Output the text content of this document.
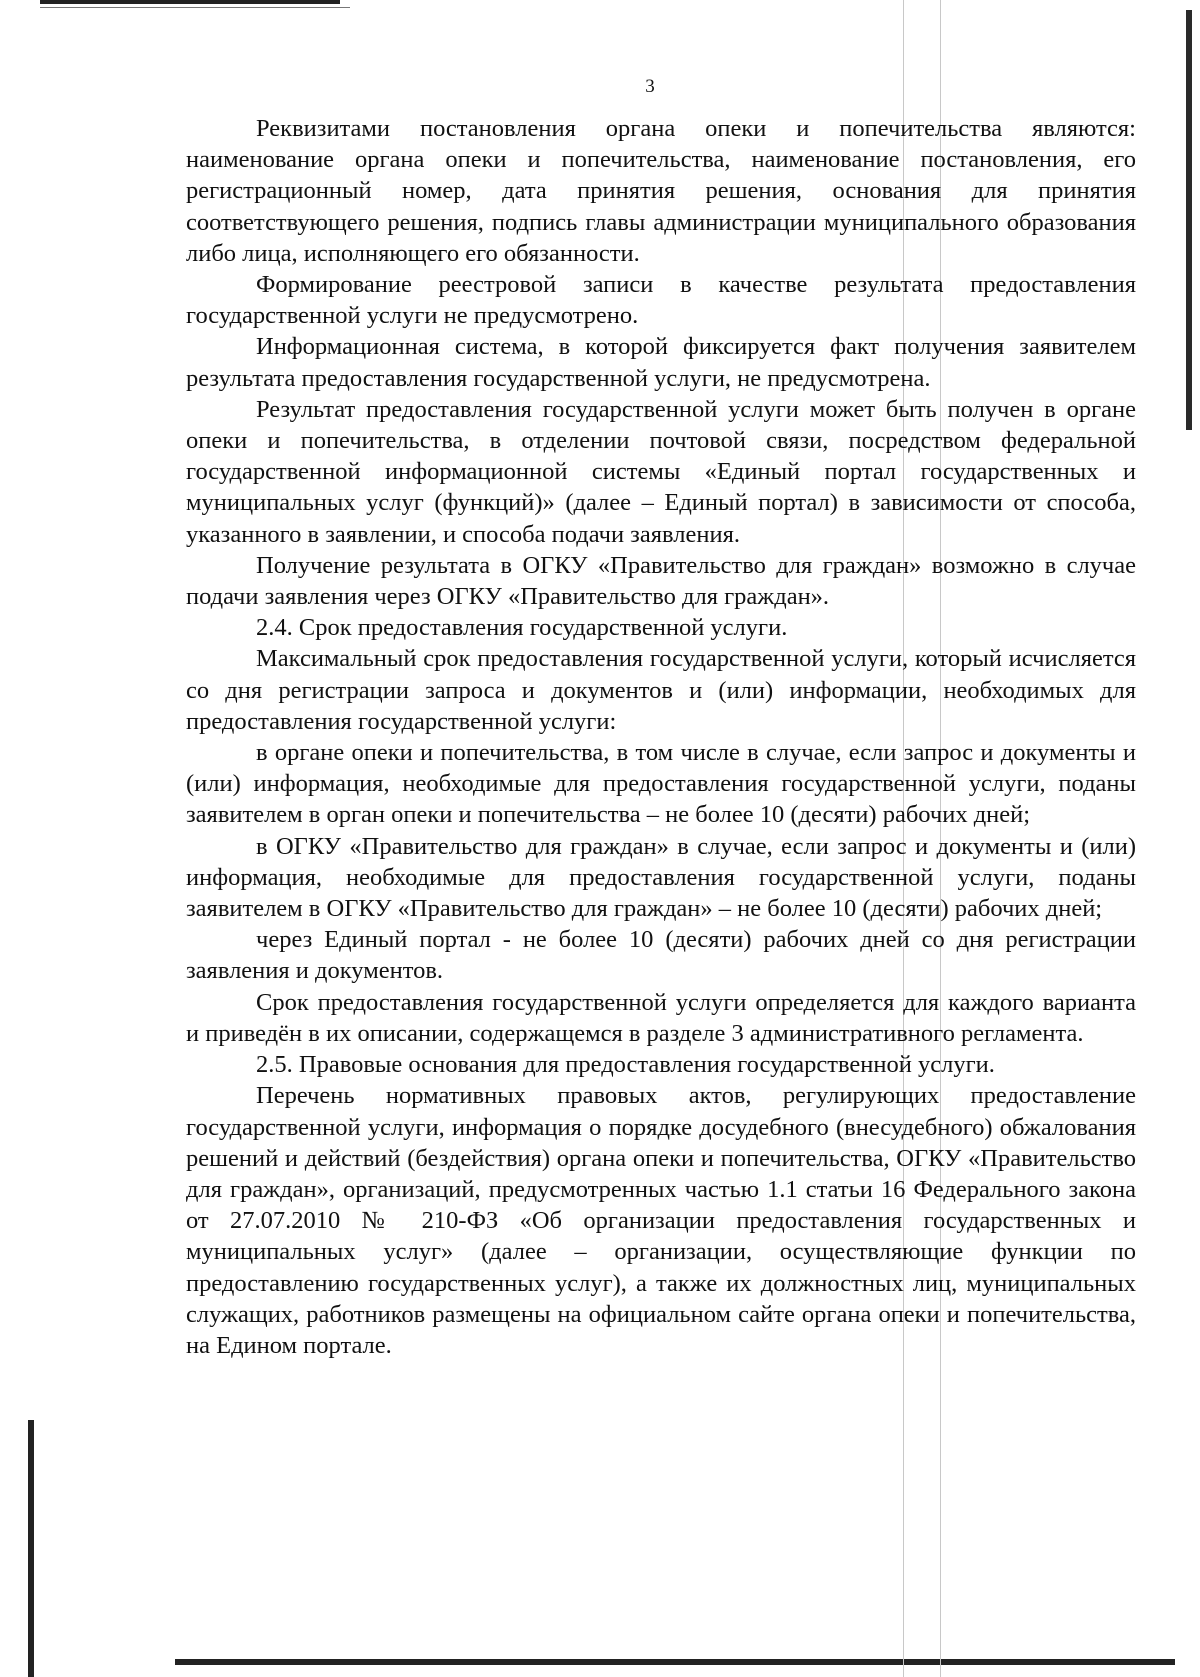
3

Реквизитами постановления органа опеки и попечительства являются: наименование органа опеки и попечительства, наименование постановления, его регистрационный номер, дата принятия решения, основания для принятия соответствующего решения, подпись главы администрации муниципального образования либо лица, исполняющего его обязанности.

Формирование реестровой записи в качестве результата предоставления государственной услуги не предусмотрено.

Информационная система, в которой фиксируется факт получения заявителем результата предоставления государственной услуги, не предусмотрена.

Результат предоставления государственной услуги может быть получен в органе опеки и попечительства, в отделении почтовой связи, посредством федеральной государственной информационной системы «Единый портал государственных и муниципальных услуг (функций)» (далее – Единый портал) в зависимости от способа, указанного в заявлении, и способа подачи заявления.

Получение результата в ОГКУ «Правительство для граждан» возможно в случае подачи заявления через ОГКУ «Правительство для граждан».

2.4. Срок предоставления государственной услуги.

Максимальный срок предоставления государственной услуги, который исчисляется со дня регистрации запроса и документов и (или) информации, необходимых для предоставления государственной услуги:

в органе опеки и попечительства, в том числе в случае, если запрос и документы и (или) информация, необходимые для предоставления государственной услуги, поданы заявителем в орган опеки и попечительства – не более 10 (десяти) рабочих дней;

в ОГКУ «Правительство для граждан» в случае, если запрос и документы и (или) информация, необходимые для предоставления государственной услуги, поданы заявителем в ОГКУ «Правительство для граждан» – не более 10 (десяти) рабочих дней;

через Единый портал - не более 10 (десяти) рабочих дней со дня регистрации заявления и документов.

Срок предоставления государственной услуги определяется для каждого варианта и приведён в их описании, содержащемся в разделе 3 административного регламента.

2.5. Правовые основания для предоставления государственной услуги.

Перечень нормативных правовых актов, регулирующих предоставление государственной услуги, информация о порядке досудебного (внесудебного) обжалования решений и действий (бездействия) органа опеки и попечительства, ОГКУ «Правительство для граждан», организаций, предусмотренных частью 1.1 статьи 16 Федерального закона от 27.07.2010 № 210-ФЗ «Об организации предоставления государственных и муниципальных услуг» (далее – организации, осуществляющие функции по предоставлению государственных услуг), а также их должностных лиц, муниципальных служащих, работников размещены на официальном сайте органа опеки и попечительства, на Едином портале.
